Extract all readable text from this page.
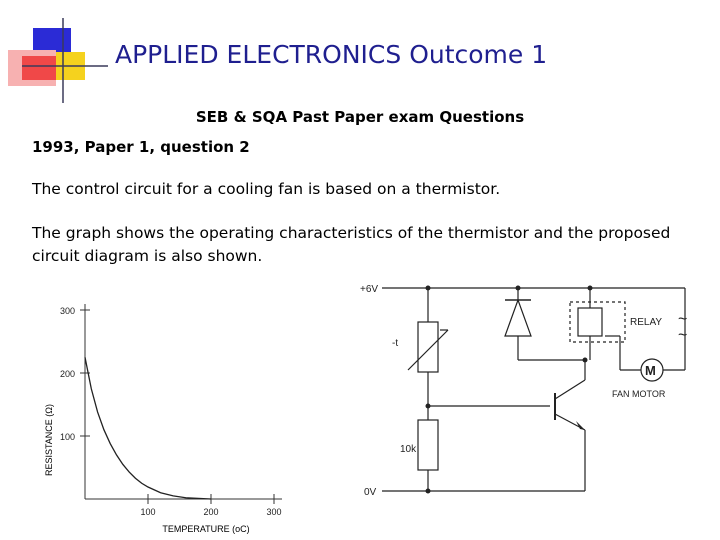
APPLIED ELECTRONICS Outcome 1
SEB & SQA Past Paper exam Questions
1993, Paper 1, question 2
The control circuit for a cooling fan is based on a thermistor.
The graph shows the operating characteristics of the thermistor and the proposed circuit diagram is also shown.
100
200
300
100	200	300
RESISTANCE (Ω)
TEMPERATURE (oC)
+6V
0V
-t
10k
RELAY
M
FAN MOTOR
~
~
